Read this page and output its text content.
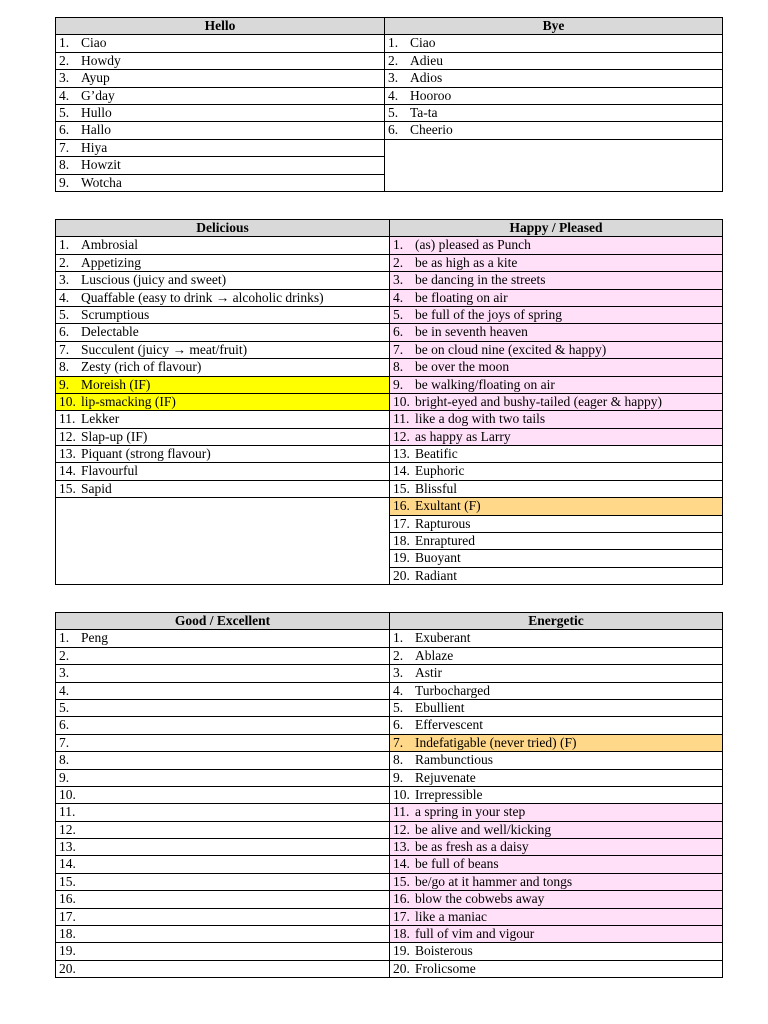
Hello	Bye
1. Ciao	1. Ciao
2. Howdy	2. Adieu
3. Ayup	3. Adios
4. G’day	4. Hooroo
5. Hullo	5. Ta-ta
6. Hallo	6. Cheerio
7. Hiya	
8. Howzit	
9. Wotcha	
Delicious	Happy / Pleased
1. Ambrosial	1. (as) pleased as Punch
2. Appetizing	2. be as high as a kite
3. Luscious (juicy and sweet)	3. be dancing in the streets
4. Quaffable (easy to drink → alcoholic drinks)	4. be floating on air
5. Scrumptious	5. be full of the joys of spring
6. Delectable	6. be in seventh heaven
7. Succulent (juicy → meat/fruit)	7. be on cloud nine (excited & happy)
8. Zesty (rich of flavour)	8. be over the moon
9. Moreish (IF)	9. be walking/floating on air
10. lip-smacking (IF)	10. bright-eyed and bushy-tailed (eager & happy)
11. Lekker	11. like a dog with two tails
12. Slap-up (IF)	12. as happy as Larry
13. Piquant (strong flavour)	13. Beatific
14. Flavourful	14. Euphoric
15. Sapid	15. Blissful
	16. Exultant (F)
	17. Rapturous
	18. Enraptured
	19. Buoyant
	20. Radiant
Good / Excellent	Energetic
1. Peng	1. Exuberant
2.	2. Ablaze
3.	3. Astir
4.	4. Turbocharged
5.	5. Ebullient
6.	6. Effervescent
7.	7. Indefatigable (never tried) (F)
8.	8. Rambunctious
9.	9. Rejuvenate
10.	10. Irrepressible
11.	11. a spring in your step
12.	12. be alive and well/kicking
13.	13. be as fresh as a daisy
14.	14. be full of beans
15.	15. be/go at it hammer and tongs
16.	16. blow the cobwebs away
17.	17. like a maniac
18.	18. full of vim and vigour
19.	19. Boisterous
20.	20. Frolicsome
